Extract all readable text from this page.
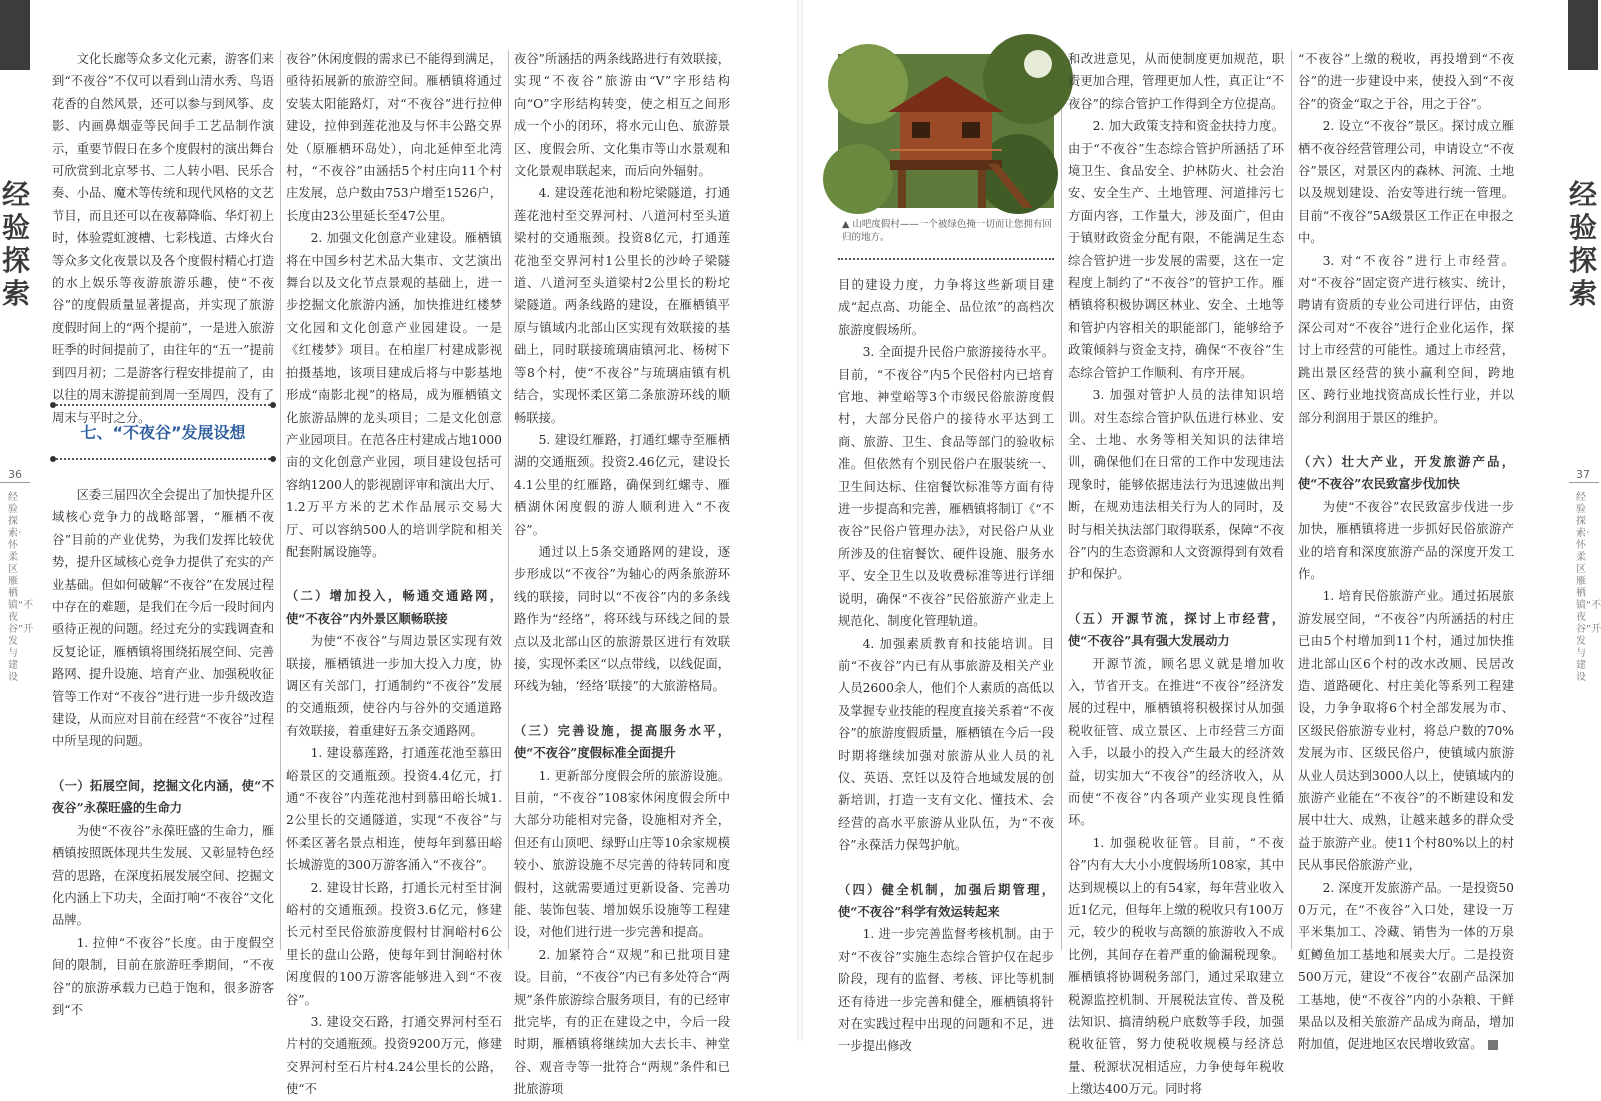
经验探索
36
经验探索·怀柔区雁栖镇“不夜谷”开发与建设
经验探索
37
经验探索·怀柔区雁栖镇“不夜谷”开发与建设

文化长廊等众多文化元素，游客们来到“不夜谷”不仅可以看到山清水秀、鸟语花香的自然风景，还可以参与到风筝、皮影、内画鼻烟壶等民间手工艺品制作演示，重要节假日在多个度假村的演出舞台可欣赏到北京琴书、二人转小唱、民乐合奏、小品、魔术等传统和现代风格的文艺节目，而且还可以在夜幕降临、华灯初上时，体验霓虹渡槽、七彩栈道、古烽火台等众多文化夜景以及各个度假村精心打造的水上娱乐等夜游旅游乐趣，使“不夜谷”的度假质量显著提高，并实现了旅游度假时间上的“两个提前”，一是进入旅游旺季的时间提前了，由往年的“五一”提前到四月初；二是游客行程安排提前了，由以往的周末游提前到周一至周四，没有了周末与平时之分。

七、“不夜谷”发展设想

区委三届四次全会提出了加快提升区域核心竞争力的战略部署，“雁栖不夜谷”目前的产业优势，为我们发挥比较优势，提升区域核心竞争力提供了充实的产业基础。但如何破解“不夜谷”在发展过程中存在的难题，是我们在今后一段时间内亟待正视的问题。经过充分的实践调查和反复论证，雁栖镇将围绕拓展空间、完善路网、提升设施、培育产业、加强税收征管等工作对“不夜谷”进行进一步升级改造建设，从而应对目前在经营“不夜谷”过程中所呈现的问题。

（一）拓展空间，挖掘文化内涵，使“不夜谷”永葆旺盛的生命力

为使“不夜谷”永葆旺盛的生命力，雁栖镇按照既体现共生发展、又彰显特色经营的思路，在深度拓展发展空间、挖掘文化内涵上下功夫，全面打响“不夜谷”文化品牌。

1. 拉伸“不夜谷”长度。由于度假空间的限制，目前在旅游旺季期间，“不夜谷”的旅游承载力已趋于饱和，很多游客到“不

夜谷”休闲度假的需求已不能得到满足，亟待拓展新的旅游空间。雁栖镇将通过安装太阳能路灯，对“不夜谷”进行拉伸建设，拉伸到莲花池及与怀丰公路交界处（原雁栖环岛处），向北延伸至北湾村，“不夜谷”由涵括5个村庄向11个村庄发展，总户数由753户增至1526户，长度由23公里延长至47公里。

2. 加强文化创意产业建设。雁栖镇将在中国乡村艺术品大集市、文艺演出舞台以及文化节点景观的基础上，进一步挖掘文化旅游内涵，加快推进红楼梦文化园和文化创意产业园建设。一是《红楼梦》项目。在柏崖厂村建成影视拍摄基地，该项目建成后将与中影基地形成“南影北视”的格局，成为雁栖镇文化旅游品牌的龙头项目；二是文化创意产业园项目。在范各庄村建成占地1000亩的文化创意产业园，项目建设包括可容纳1200人的影视剧评审和演出大厅、1.2万平方米的艺术作品展示交易大厅、可以容纳500人的培训学院和相关配套附属设施等。

（二）增加投入，畅通交通路网，使“不夜谷”内外景区顺畅联接

为使“不夜谷”与周边景区实现有效联接，雁栖镇进一步加大投入力度，协调区有关部门，打通制约“不夜谷”发展的交通瓶颈，使谷内与谷外的交通道路有效联接，着重建好五条交通路网。

1. 建设慕莲路，打通莲花池至慕田峪景区的交通瓶颈。投资4.4亿元，打通“不夜谷”内莲花池村到慕田峪长城1.2公里长的交通隧道，实现“不夜谷”与怀柔区著名景点相连，使每年到慕田峪长城游览的300万游客涌入“不夜谷”。

2. 建设甘长路，打通长元村至甘涧峪村的交通瓶颈。投资3.6亿元，修建长元村至民俗旅游度假村甘涧峪村6公里长的盘山公路，使每年到甘涧峪村休闲度假的100万游客能够进入到“不夜谷”。

3. 建设交石路，打通交界河村至石片村的交通瓶颈。投资9200万元，修建交界河村至石片村4.24公里长的公路，使“不

夜谷”所涵括的两条线路进行有效联接，实现“不夜谷”旅游由“V”字形结构向“O”字形结构转变，使之相互之间形成一个小的闭环，将水元山色、旅游景区、度假会所、文化集市等山水景观和文化景观串联起来，而后向外辐射。

4. 建设莲花池和粉坨梁隧道，打通莲花池村至交界河村、八道河村至头道梁村的交通瓶颈。投资8亿元，打通莲花池至交界河村1公里长的沙岭子梁隧道、八道河至头道梁村2公里长的粉坨梁隧道。两条线路的建设，在雁栖镇平原与镇域内北部山区实现有效联接的基础上，同时联接琉璃庙镇河北、杨树下等8个村，使“不夜谷”与琉璃庙镇有机结合，实现怀柔区第二条旅游环线的顺畅联接。

5. 建设红雁路，打通红螺寺至雁栖湖的交通瓶颈。投资2.46亿元，建设长4.1公里的红雁路，确保到红螺寺、雁栖湖休闲度假的游人顺利进入“不夜谷”。

通过以上5条交通路网的建设，逐步形成以“不夜谷”为轴心的两条旅游环线的联接，同时以“不夜谷”内的多条线路作为“经络”，将环线与环线之间的景点以及北部山区的旅游景区进行有效联接，实现怀柔区“以点带线，以线促面，环线为轴，‘经络’联接”的大旅游格局。

（三）完善设施，提高服务水平，使“不夜谷”度假标准全面提升

1. 更新部分度假会所的旅游设施。目前，“不夜谷”108家休闲度假会所中大部分功能相对完备，设施相对齐全，但还有山顶吧、绿野山庄等10余家规模较小、旅游设施不尽完善的待转同和度假村，这就需要通过更新设备、完善功能、装饰包装、增加娱乐设施等工程建设，对他们进行进一步完善和提高。

2. 加紧符合“双规”和已批项目建设。目前，“不夜谷”内已有多处符合“两规”条件旅游综合服务项目，有的已经审批完毕，有的正在建设之中，今后一段时期，雁栖镇将继续加大去长丰、神堂谷、观音寺等一批符合“两规”条件和已批旅游项

▲ 山吧度假村——一个被绿色掩一切而让您拥有回归的地方。

目的建设力度，力争将这些新项目建成“起点高、功能全、品位浓”的高档次旅游度假场所。

3. 全面提升民俗户旅游接待水平。目前，“不夜谷”内5个民俗村内已培育官地、神堂峪等3个市级民俗旅游度假村，大部分民俗户的接待水平达到工商、旅游、卫生、食品等部门的验收标准。但依然有个别民俗户在服装统一、卫生间达标、住宿餐饮标准等方面有待进一步提高和完善，雁栖镇将制订《“不夜谷”民俗户管理办法》，对民俗户从业所涉及的住宿餐饮、硬件设施、服务水平、安全卫生以及收费标准等进行详细说明，确保“不夜谷”民俗旅游产业走上规范化、制度化管理轨道。

4. 加强素质教育和技能培训。目前“不夜谷”内已有从事旅游及相关产业人员2600余人，他们个人素质的高低以及掌握专业技能的程度直接关系着“不夜谷”的旅游度假质量，雁栖镇在今后一段时期将继续加强对旅游从业人员的礼仪、英语、烹饪以及符合地域发展的创新培训，打造一支有文化、懂技术、会经营的高水平旅游从业队伍，为“不夜谷”永葆活力保驾护航。

（四）健全机制，加强后期管理，使“不夜谷”科学有效运转起来

1. 进一步完善监督考核机制。由于对“不夜谷”实施生态综合管护仅在起步阶段，现有的监督、考核、评比等机制还有待进一步完善和健全，雁栖镇将针对在实践过程中出现的问题和不足，进一步提出修改

和改进意见，从而使制度更加规范，职责更加合理，管理更加人性，真正让“不夜谷”的综合管护工作得到全方位提高。

2. 加大政策支持和资金扶持力度。由于“不夜谷”生态综合管护所涵括了环境卫生、食品安全、护林防火、社会治安、安全生产、土地管理、河道排污七方面内容，工作量大，涉及面广，但由于镇财政资金分配有限，不能满足生态综合管护进一步发展的需要，这在一定程度上制约了“不夜谷”的管护工作。雁栖镇将积极协调区林业、安全、土地等和管护内容相关的职能部门，能够给予政策倾斜与资金支持，确保“不夜谷”生态综合管护工作顺利、有序开展。

3. 加强对管护人员的法律知识培训。对生态综合管护队伍进行林业、安全、土地、水务等相关知识的法律培训，确保他们在日常的工作中发现违法现象时，能够依据违法行为迅速做出判断，在规劝违法相关行为人的同时，及时与相关执法部门取得联系，保障“不夜谷”内的生态资源和人文资源得到有效看护和保护。

（五）开源节流，探讨上市经营，使“不夜谷”具有强大发展动力

开源节流，顾名思义就是增加收入，节省开支。在推进“不夜谷”经济发展的过程中，雁栖镇将积极探讨从加强税收征管、成立景区、上市经营三方面入手，以最小的投入产生最大的经济效益，切实加大“不夜谷”的经济收入，从而使“不夜谷”内各项产业实现良性循环。

1. 加强税收征管。目前，“不夜谷”内有大大小小度假场所108家，其中达到规模以上的有54家，每年营业收入近1亿元，但每年上缴的税收只有100万元，较少的税收与高额的旅游收入不成比例，其间存在着严重的偷漏税现象。雁栖镇将协调税务部门，通过采取建立税源监控机制、开展税法宣传、普及税法知识、搞清纳税户底数等手段，加强税收征管，努力使税收规模与经济总量、税源状况相适应，力争使每年税收上缴达400万元。同时将

“不夜谷”上缴的税收，再投增到“不夜谷”的进一步建设中来，使投入到“不夜谷”的资金“取之于谷，用之于谷”。

2. 设立“不夜谷”景区。探讨成立雁栖不夜谷经营管理公司，申请设立“不夜谷”景区，对景区内的森林、河流、土地以及规划建设、治安等进行统一管理。目前“不夜谷”5A级景区工作正在申报之中。

3. 对“不夜谷”进行上市经营。对“不夜谷”固定资产进行核实、统计，聘请有资质的专业公司进行评估，由资深公司对“不夜谷”进行企业化运作，探讨上市经营的可能性。通过上市经营，跳出景区经营的狭小赢利空间，跨地区、跨行业地找资高成长性行业，并以部分利润用于景区的维护。

（六）壮大产业，开发旅游产品，使“不夜谷”农民致富步伐加快

为使“不夜谷”农民致富步伐进一步加快，雁栖镇将进一步抓好民俗旅游产业的培育和深度旅游产品的深度开发工作。

1. 培育民俗旅游产业。通过拓展旅游发展空间，“不夜谷”内所涵括的村庄已由5个村增加到11个村，通过加快推进北部山区6个村的改水改厕、民居改造、道路硬化、村庄美化等系列工程建设，力争争取将6个村全部发展为市、区级民俗旅游专业村，将总户数的70%发展为市、区级民俗户，使镇域内旅游从业人员达到3000人以上，使镇域内的旅游产业能在“不夜谷”的不断建设和发展中壮大、成熟，让越来越多的群众受益于旅游产业。使11个村80%以上的村民从事民俗旅游产业，

2. 深度开发旅游产品。一是投资500万元，在“不夜谷”入口处，建设一万平米集加工、冷藏、销售为一体的万泉虹鳟鱼加工基地和展卖大厅。二是投资500万元，建设“不夜谷”农副产品深加工基地，使“不夜谷”内的小杂粮、干鲜果品以及相关旅游产品成为商品，增加附加值，促进地区农民增收致富。
